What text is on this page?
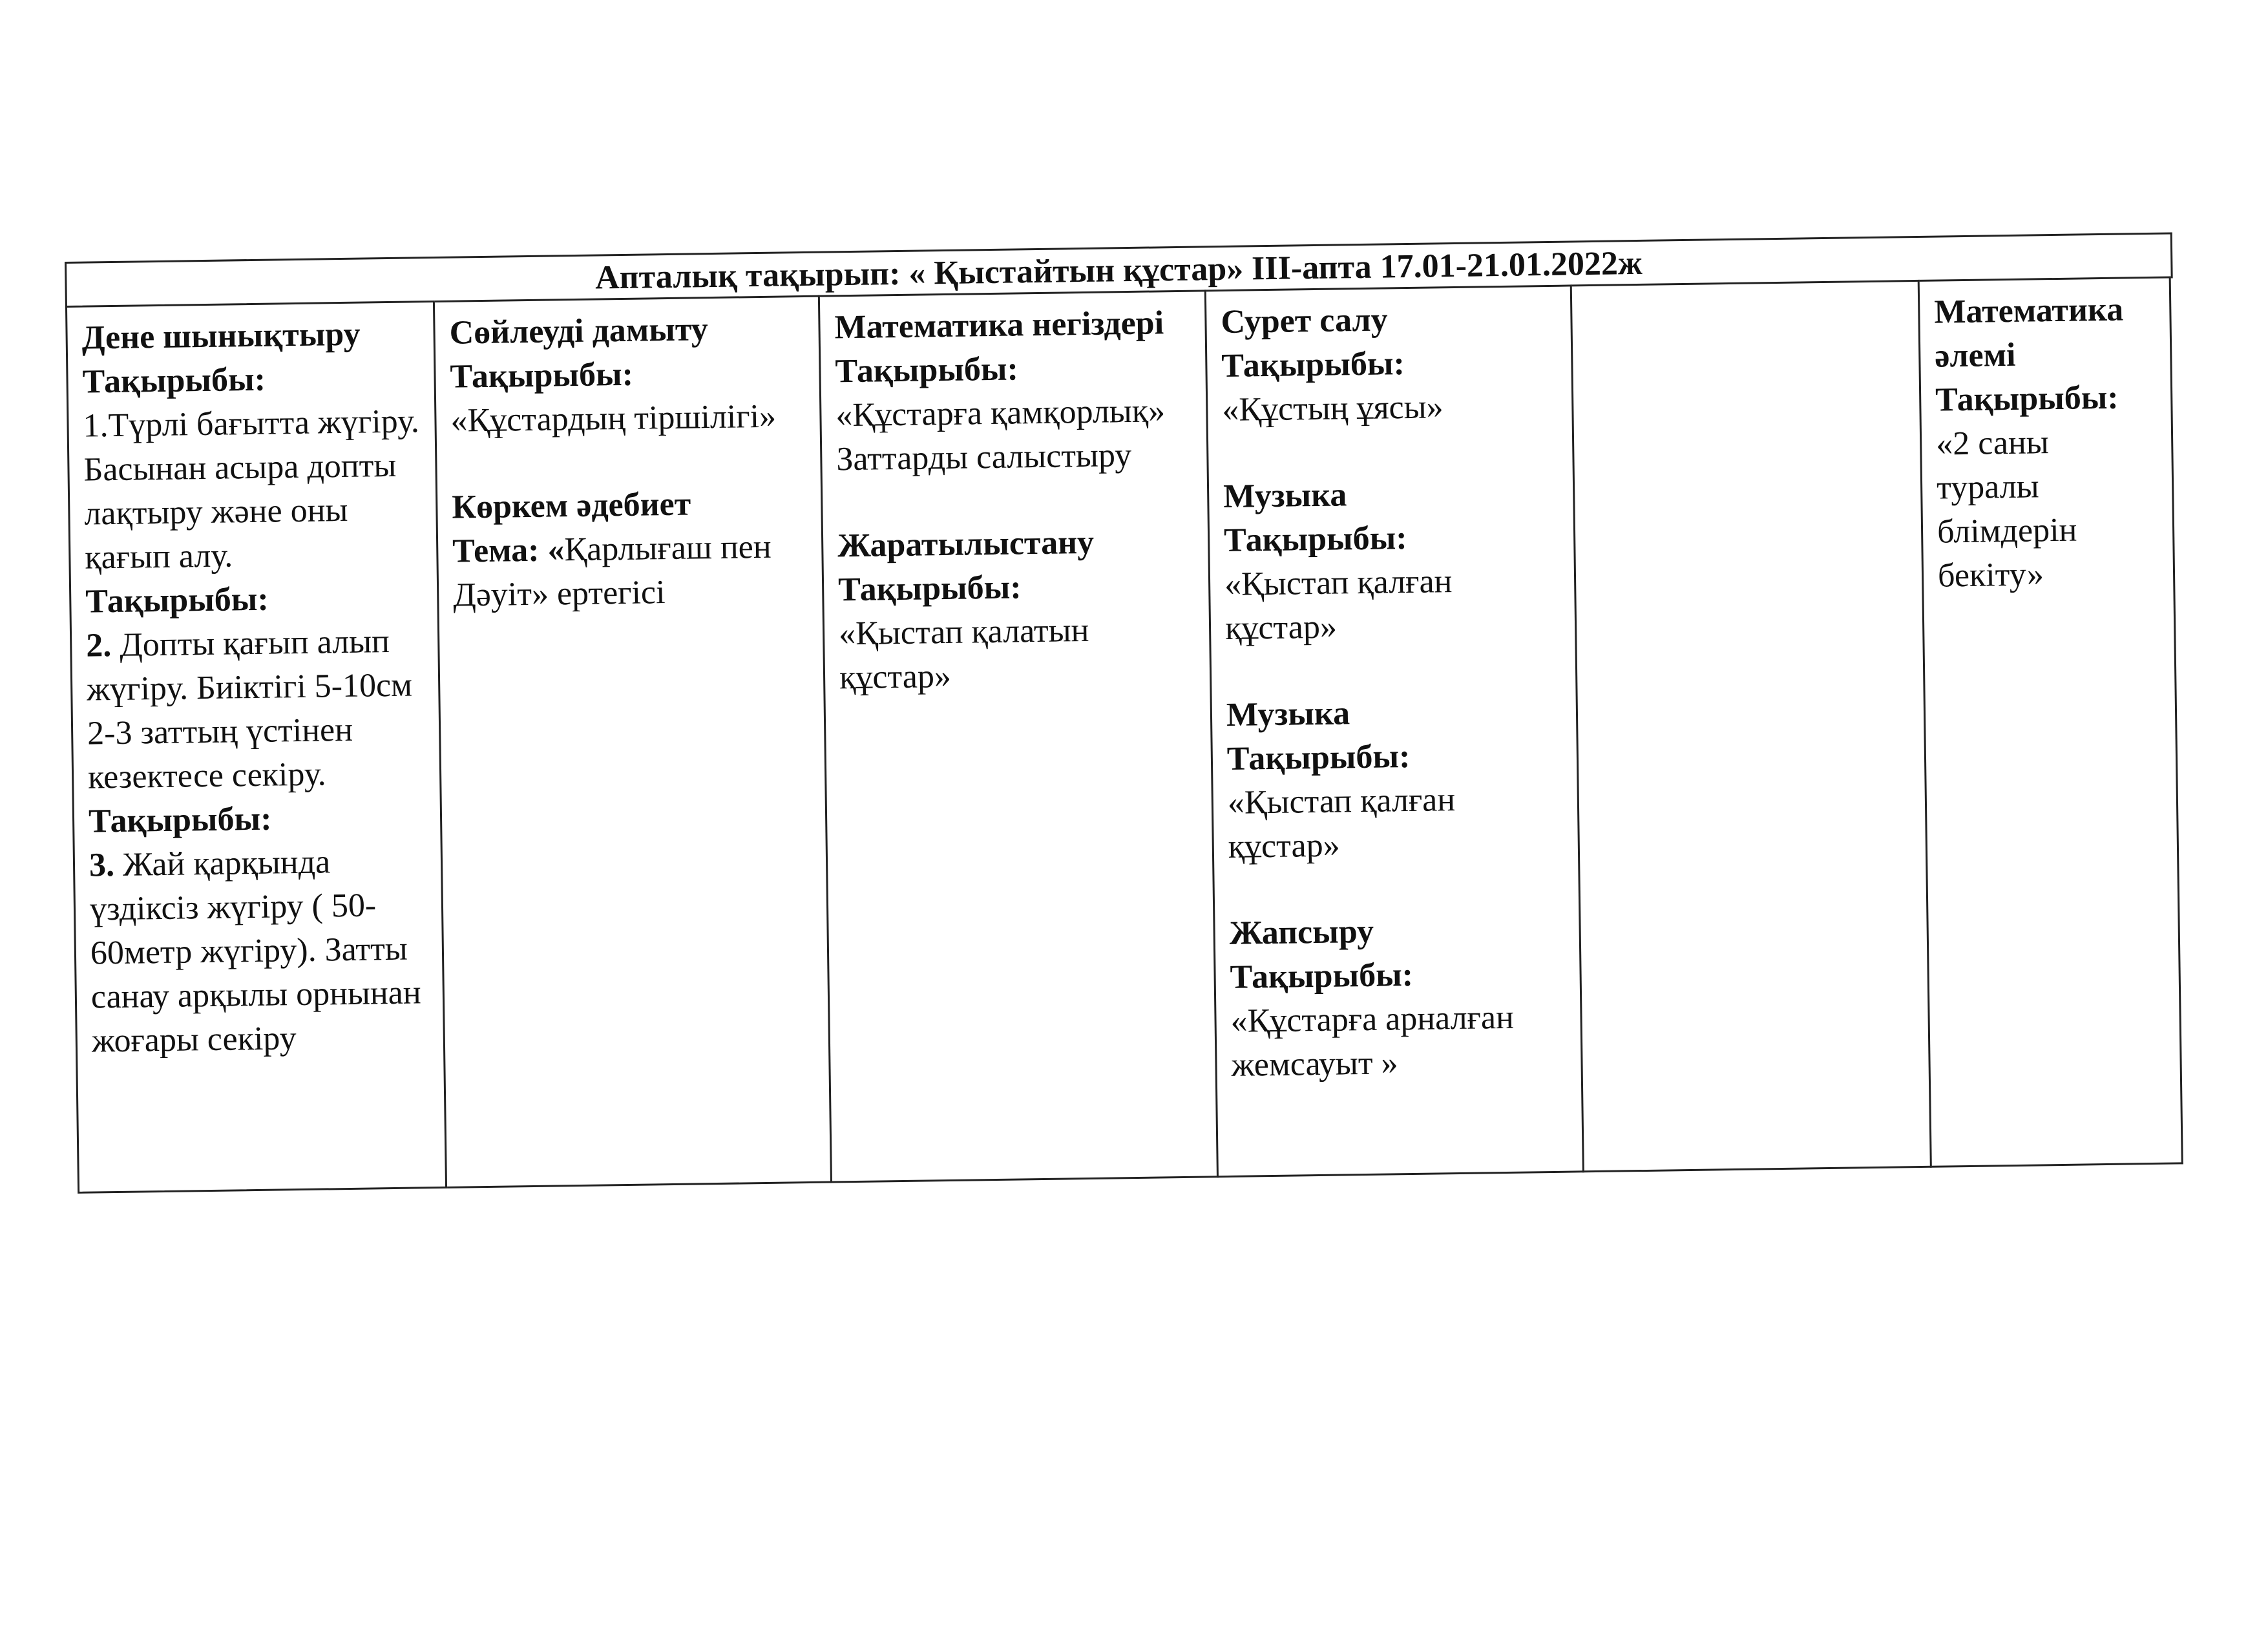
Апталық тақырып: « Қыстайтын құстар» ІІІ-апта 17.01-21.01.2022ж
Дене шынықтыру
Тақырыбы:
1.Түрлі бағытта жүгіру. Басынан асыра допты лақтыру және оны қағып алу.
Тақырыбы:
2. Допты қағып алып жүгіру. Биіктігі 5-10см 2-3 заттың үстінен кезектесе секіру.
Тақырыбы:
3. Жай қарқында үздіксіз жүгіру ( 50-60метр жүгіру). Затты санау арқылы орнынан жоғары секіру
Сөйлеуді дамыту
Тақырыбы:
«Құстардың тіршілігі»
Көркем әдебиет
Тема: «Қарлығаш пен Дәуіт» ертегісі
Математика негіздері
Тақырыбы:
«Құстарға қамқорлық» Заттарды салыстыру
Жаратылыстану
Тақырыбы:
«Қыстап қалатын құстар»
Сурет салу
Тақырыбы:
«Құстың ұясы»
Музыка
Тақырыбы:
«Қыстап қалған құстар»
Музыка
Тақырыбы:
«Қыстап қалған құстар»
Жапсыру
Тақырыбы:
«Құстарға арналған жемсауыт »
Математика әлемі
Тақырыбы:
«2 саны туралы блімдерін бекіту»
